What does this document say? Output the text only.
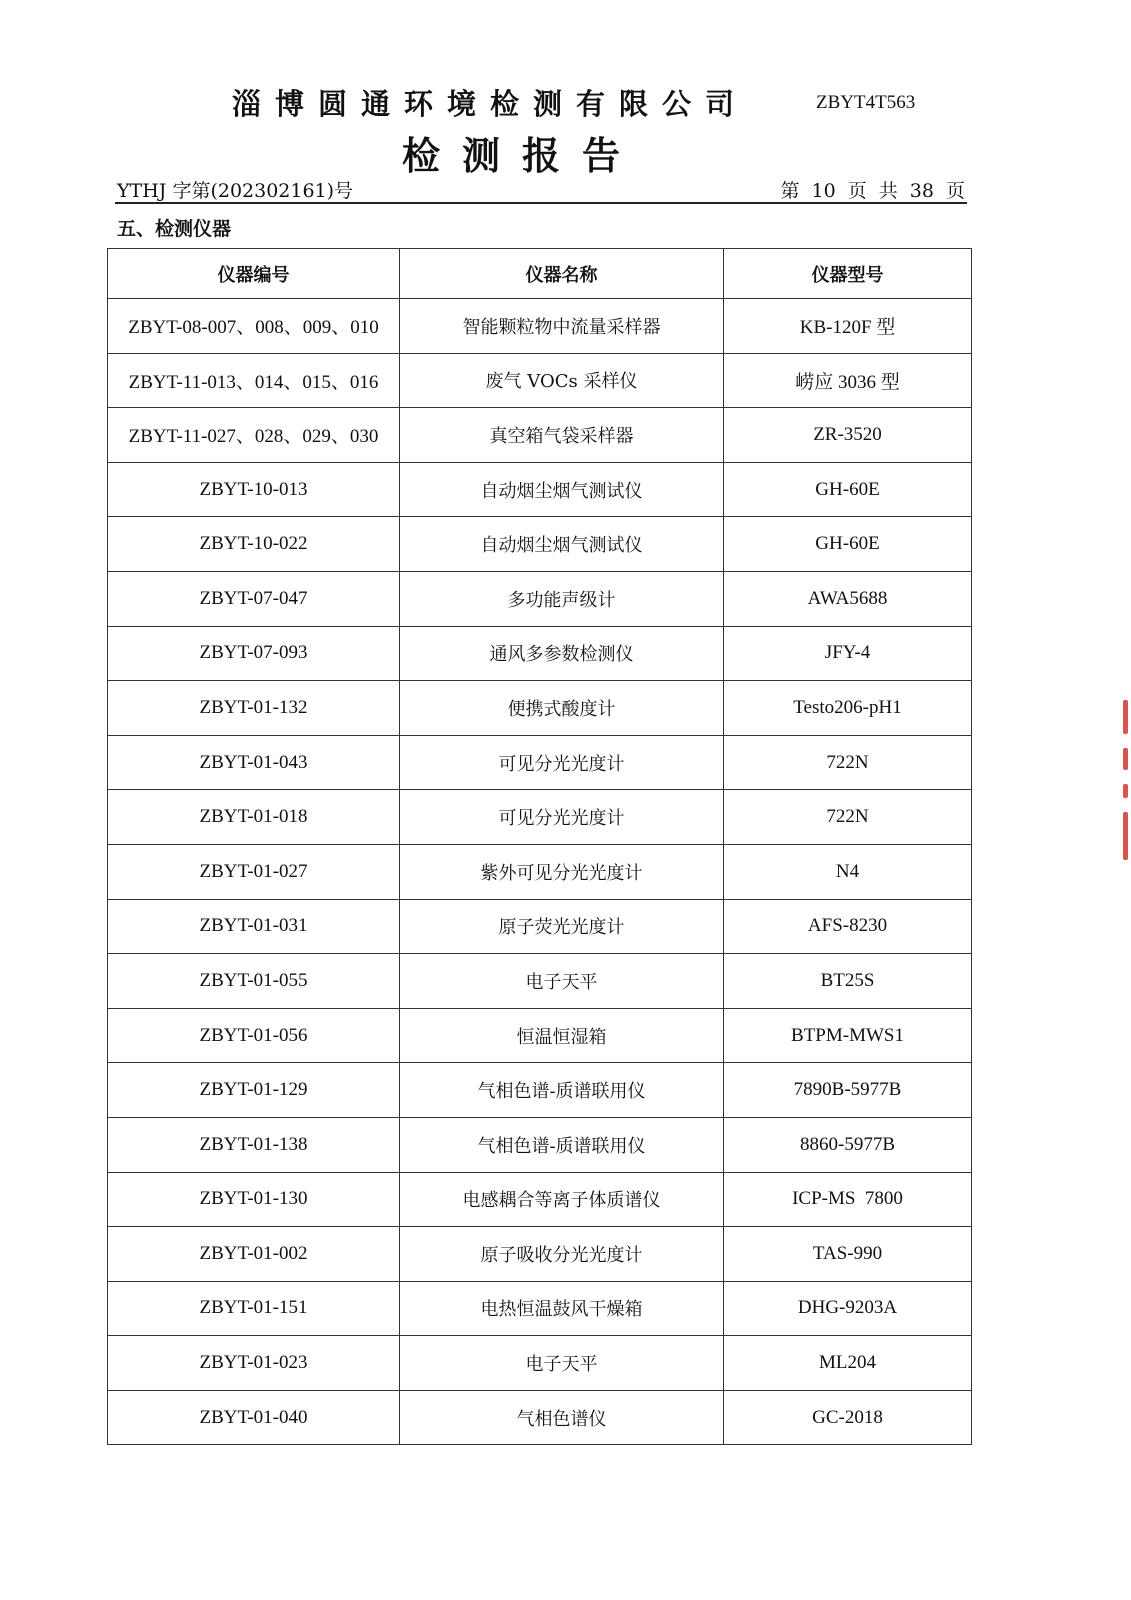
淄博圆通环境检测有限公司	ZBYT4T563
检测报告
YTHJ 字第(202302161)号	第 10 页 共 38 页
五、检测仪器
仪器编号	仪器名称	仪器型号
ZBYT-08-007、008、009、010	智能颗粒物中流量采样器	KB-120F 型
ZBYT-11-013、014、015、016	废气 VOCs 采样仪	崂应 3036 型
ZBYT-11-027、028、029、030	真空箱气袋采样器	ZR-3520
ZBYT-10-013	自动烟尘烟气测试仪	GH-60E
ZBYT-10-022	自动烟尘烟气测试仪	GH-60E
ZBYT-07-047	多功能声级计	AWA5688
ZBYT-07-093	通风多参数检测仪	JFY-4
ZBYT-01-132	便携式酸度计	Testo206-pH1
ZBYT-01-043	可见分光光度计	722N
ZBYT-01-018	可见分光光度计	722N
ZBYT-01-027	紫外可见分光光度计	N4
ZBYT-01-031	原子荧光光度计	AFS-8230
ZBYT-01-055	电子天平	BT25S
ZBYT-01-056	恒温恒湿箱	BTPM-MWS1
ZBYT-01-129	气相色谱-质谱联用仪	7890B-5977B
ZBYT-01-138	气相色谱-质谱联用仪	8860-5977B
ZBYT-01-130	电感耦合等离子体质谱仪	ICP-MS  7800
ZBYT-01-002	原子吸收分光光度计	TAS-990
ZBYT-01-151	电热恒温鼓风干燥箱	DHG-9203A
ZBYT-01-023	电子天平	ML204
ZBYT-01-040	气相色谱仪	GC-2018
